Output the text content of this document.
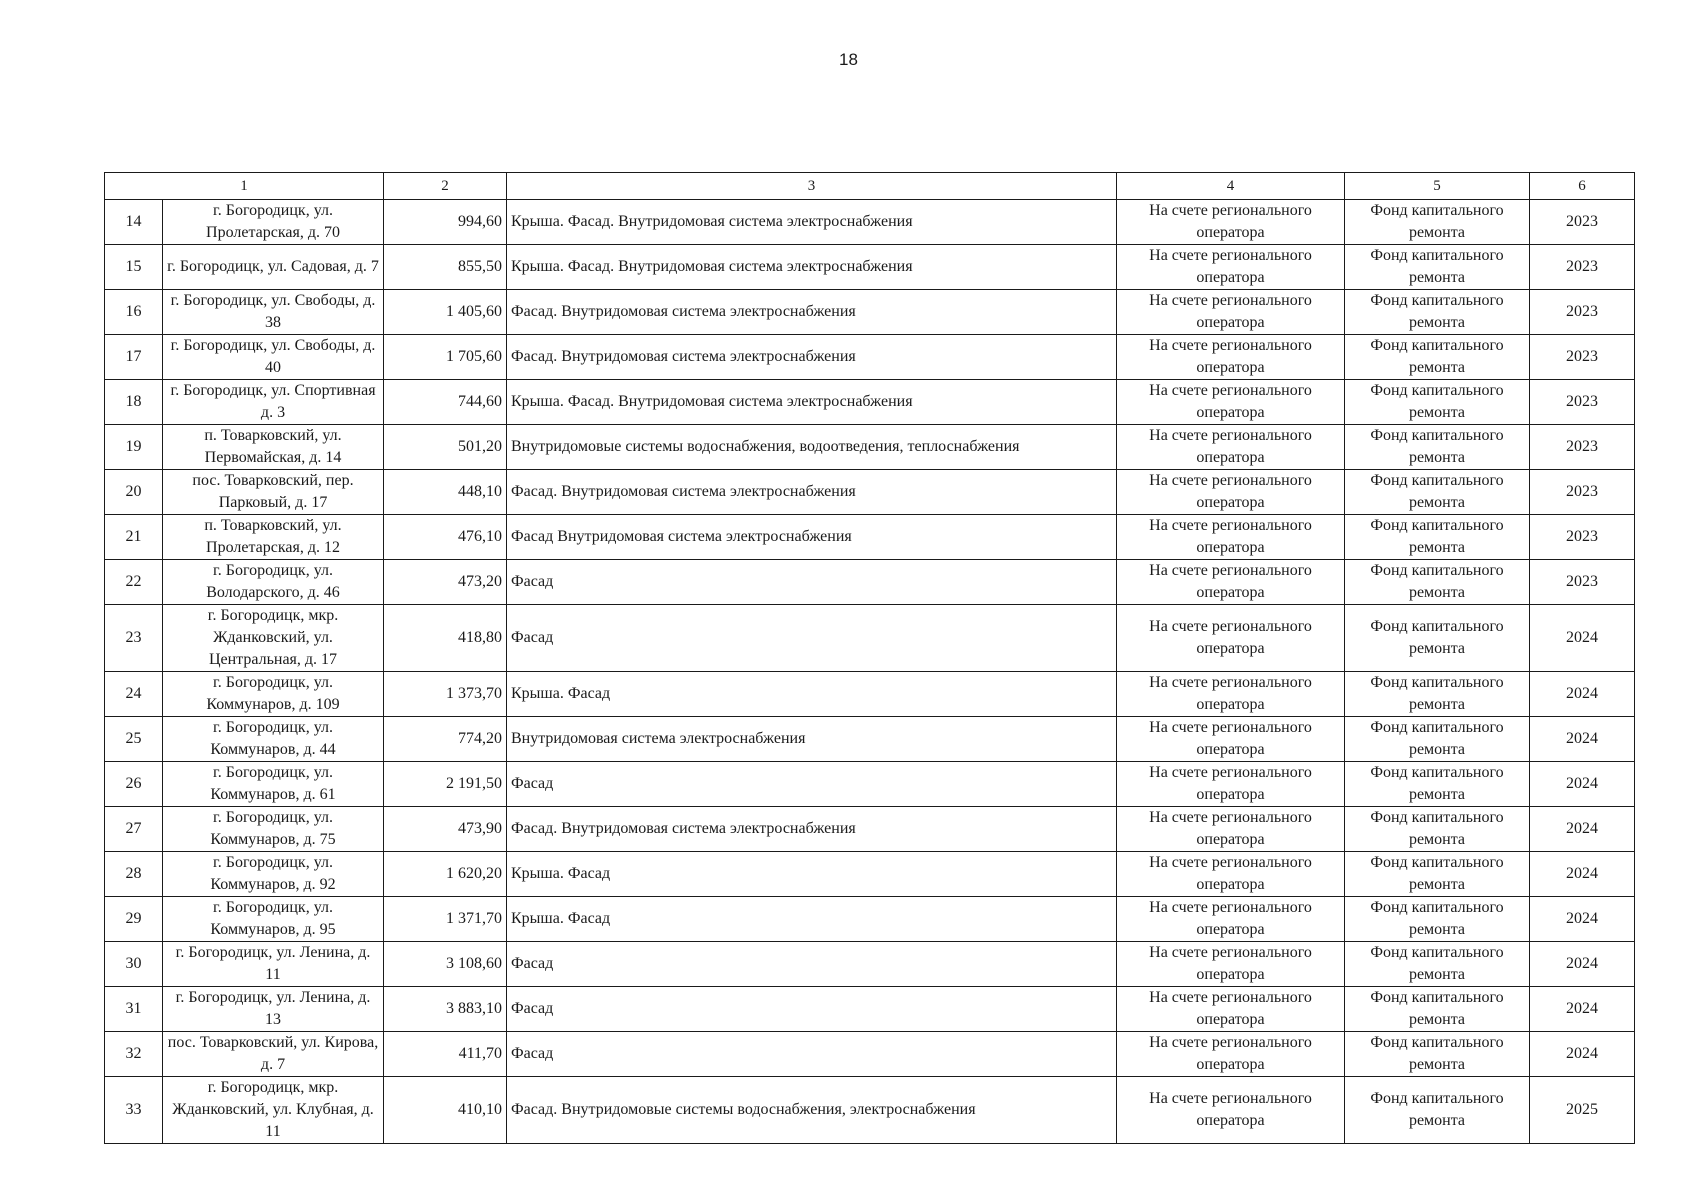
18
1		2	3	4	5	6
14	г. Богородицк, ул. Пролетарская, д. 70	994,60	Крыша. Фасад. Внутридомовая система электроснабжения	На счете регионального оператора	Фонд капитального ремонта	2023
15	г. Богородицк, ул. Садовая, д. 7	855,50	Крыша. Фасад. Внутридомовая система электроснабжения	На счете регионального оператора	Фонд капитального ремонта	2023
16	г. Богородицк, ул. Свободы, д. 38	1 405,60	Фасад. Внутридомовая система электроснабжения	На счете регионального оператора	Фонд капитального ремонта	2023
17	г. Богородицк, ул. Свободы, д. 40	1 705,60	Фасад. Внутридомовая система электроснабжения	На счете регионального оператора	Фонд капитального ремонта	2023
18	г. Богородицк, ул. Спортивная д. 3	744,60	Крыша. Фасад. Внутридомовая система электроснабжения	На счете регионального оператора	Фонд капитального ремонта	2023
19	п. Товарковский, ул. Первомайская, д. 14	501,20	Внутридомовые системы водоснабжения, водоотведения, теплоснабжения	На счете регионального оператора	Фонд капитального ремонта	2023
20	пос. Товарковский, пер. Парковый, д. 17	448,10	Фасад. Внутридомовая система электроснабжения	На счете регионального оператора	Фонд капитального ремонта	2023
21	п. Товарковский, ул. Пролетарская, д. 12	476,10	Фасад Внутридомовая система электроснабжения	На счете регионального оператора	Фонд капитального ремонта	2023
22	г. Богородицк, ул. Володарского, д. 46	473,20	Фасад	На счете регионального оператора	Фонд капитального ремонта	2023
23	г. Богородицк, мкр. Жданковский, ул. Центральная, д. 17	418,80	Фасад	На счете регионального оператора	Фонд капитального ремонта	2024
24	г. Богородицк, ул. Коммунаров, д. 109	1 373,70	Крыша. Фасад	На счете регионального оператора	Фонд капитального ремонта	2024
25	г. Богородицк, ул. Коммунаров, д. 44	774,20	Внутридомовая система электроснабжения	На счете регионального оператора	Фонд капитального ремонта	2024
26	г. Богородицк, ул. Коммунаров, д. 61	2 191,50	Фасад	На счете регионального оператора	Фонд капитального ремонта	2024
27	г. Богородицк, ул. Коммунаров, д. 75	473,90	Фасад. Внутридомовая система электроснабжения	На счете регионального оператора	Фонд капитального ремонта	2024
28	г. Богородицк, ул. Коммунаров, д. 92	1 620,20	Крыша. Фасад	На счете регионального оператора	Фонд капитального ремонта	2024
29	г. Богородицк, ул. Коммунаров, д. 95	1 371,70	Крыша. Фасад	На счете регионального оператора	Фонд капитального ремонта	2024
30	г. Богородицк, ул. Ленина, д. 11	3 108,60	Фасад	На счете регионального оператора	Фонд капитального ремонта	2024
31	г. Богородицк, ул. Ленина, д. 13	3 883,10	Фасад	На счете регионального оператора	Фонд капитального ремонта	2024
32	пос. Товарковский, ул. Кирова, д. 7	411,70	Фасад	На счете регионального оператора	Фонд капитального ремонта	2024
33	г. Богородицк, мкр. Жданковский, ул. Клубная, д. 11	410,10	Фасад. Внутридомовые системы водоснабжения, электроснабжения	На счете регионального оператора	Фонд капитального ремонта	2025
